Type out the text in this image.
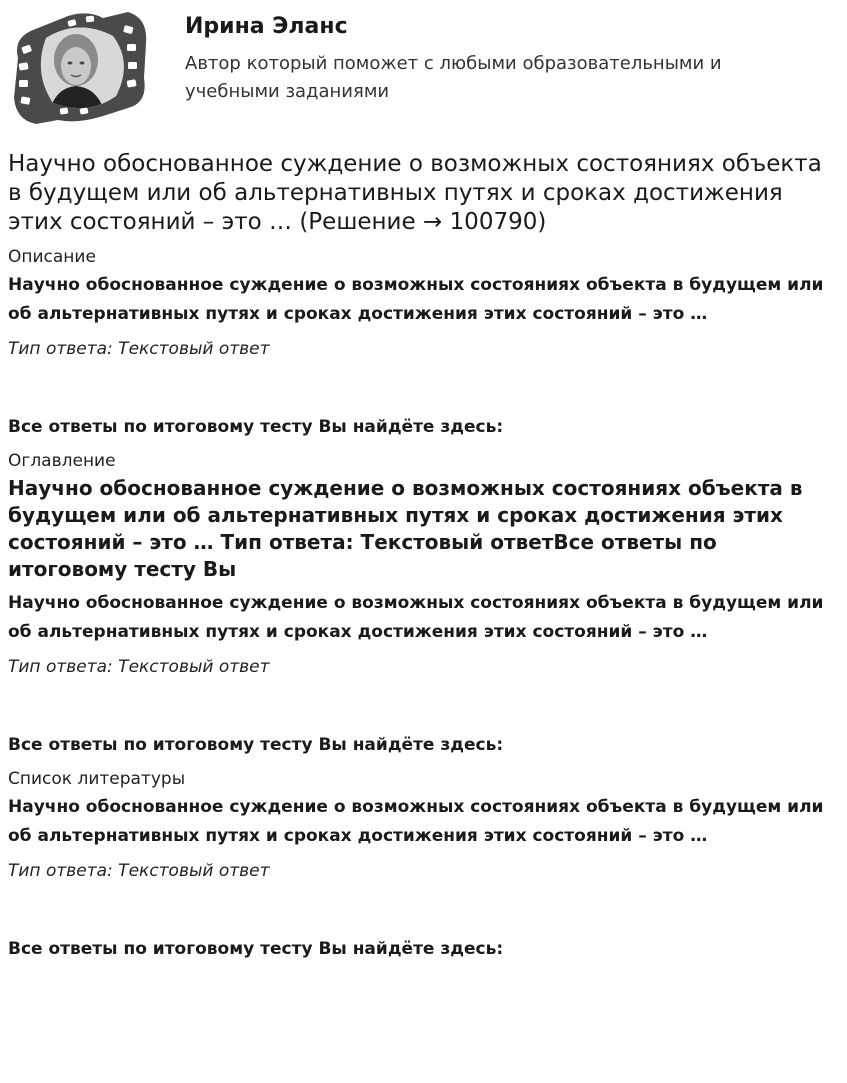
Ирина Эланс

Автор который поможет с любыми образовательными и учебными заданиями

Научно обоснованное суждение о возможных состояниях объекта в будущем или об альтернативных путях и сроках достижения этих состояний – это … (Решение → 100790)
Описание

Научно обоснованное суждение о возможных состояниях объекта в будущем или об альтернативных путях и сроках достижения этих состояний – это …

Тип ответа: Текстовый ответ

Все ответы по итоговому тесту Вы найдёте здесь:

Оглавление
Научно обоснованное суждение о возможных состояниях объекта в будущем или об альтернативных путях и сроках достижения этих состояний – это … Тип ответа: Текстовый ответВсе ответы по итоговому тесту Вы

Научно обоснованное суждение о возможных состояниях объекта в будущем или об альтернативных путях и сроках достижения этих состояний – это …

Тип ответа: Текстовый ответ

Все ответы по итоговому тесту Вы найдёте здесь:

Список литературы

Научно обоснованное суждение о возможных состояниях объекта в будущем или об альтернативных путях и сроках достижения этих состояний – это …

Тип ответа: Текстовый ответ

Все ответы по итоговому тесту Вы найдёте здесь:
